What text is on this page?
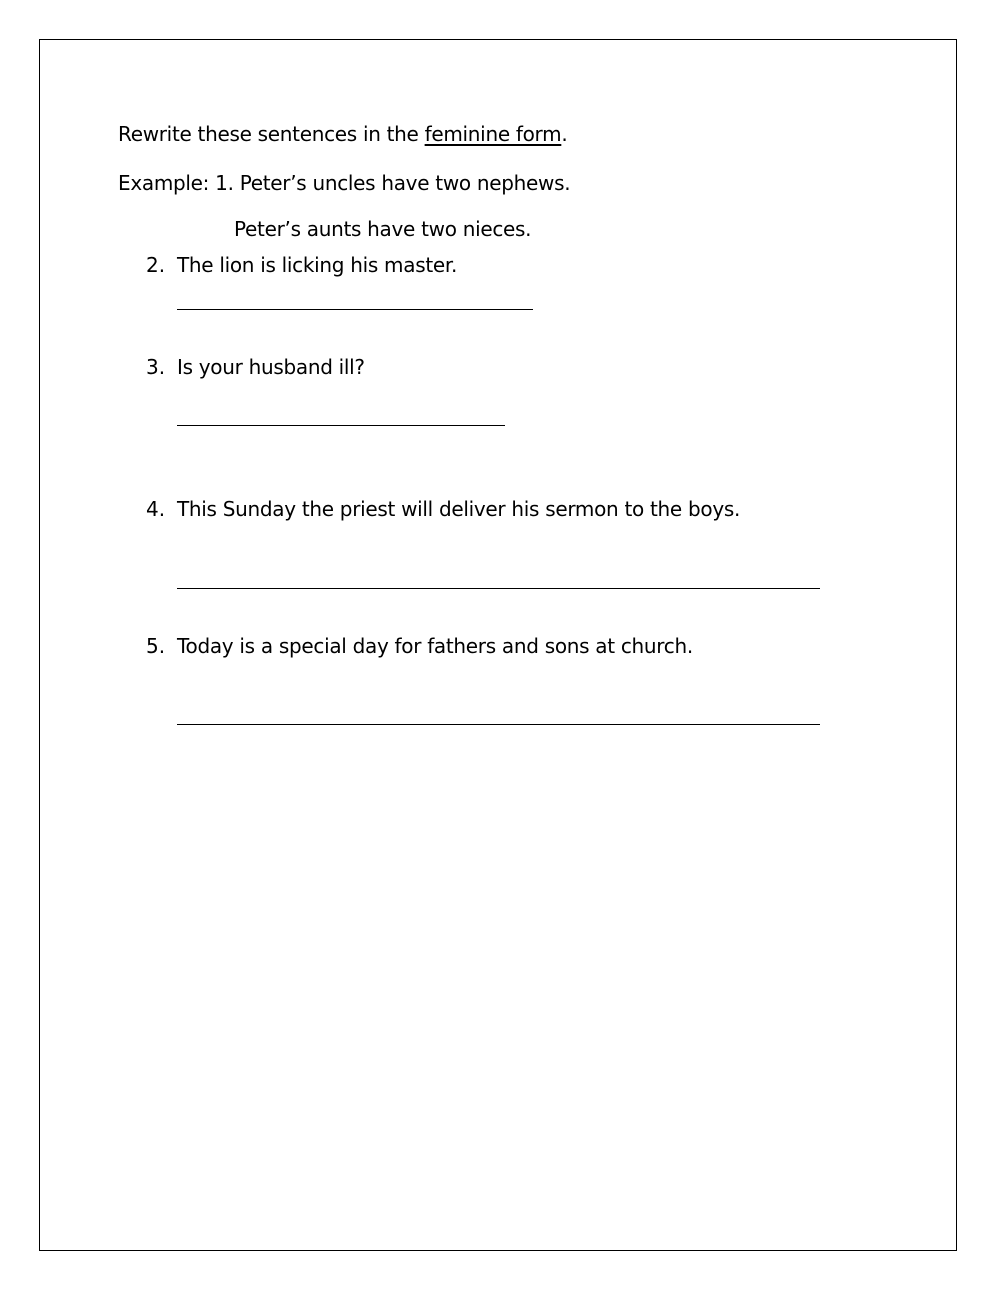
Rewrite these sentences in the feminine form.
Example: 1. Peter’s uncles have two nephews.
Peter’s aunts have two nieces.
2. The lion is licking his master.
3. Is your husband ill?
4. This Sunday the priest will deliver his sermon to the boys.
5. Today is a special day for fathers and sons at church.
